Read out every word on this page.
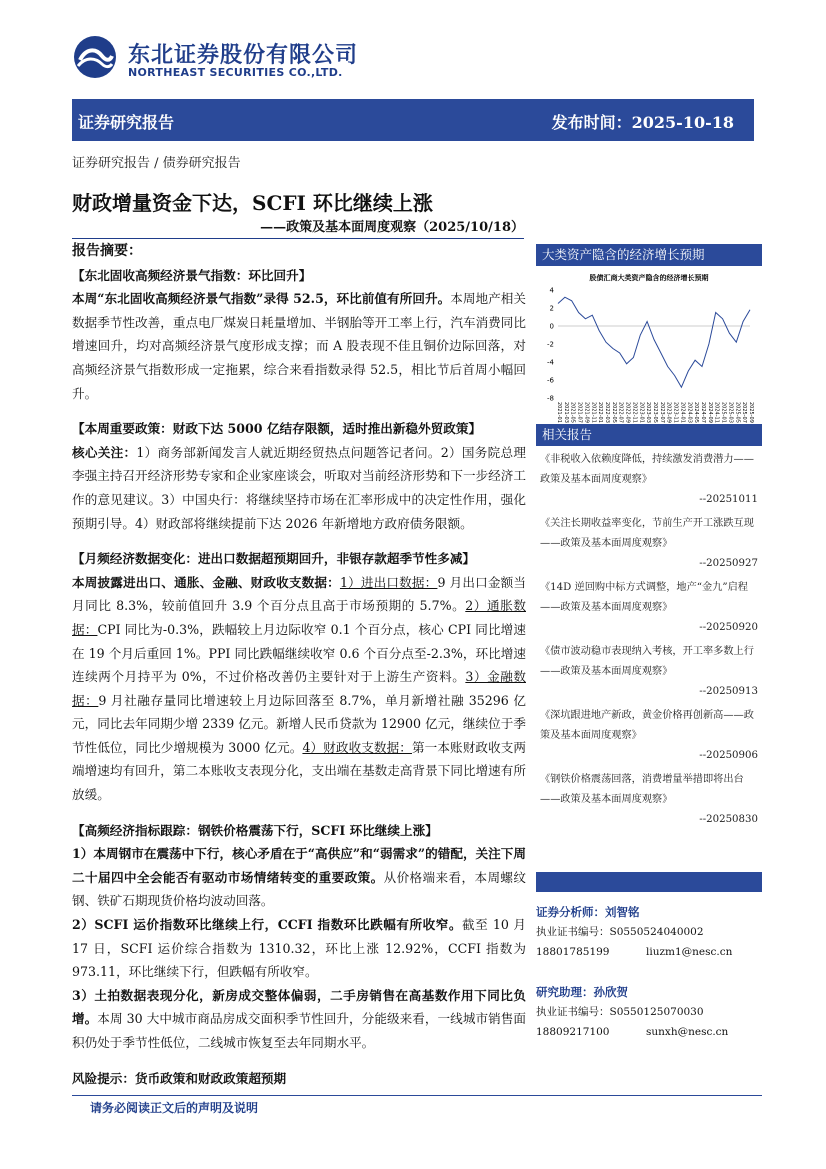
东北证券股份有限公司
NORTHEAST SECURITIES CO.,LTD.
证券研究报告	发布时间：2025-10-18
证券研究报告 / 债券研究报告
财政增量资金下达，SCFI 环比继续上涨
——政策及基本面周度观察（2025/10/18）
报告摘要：
【东北固收高频经济景气指数：环比回升】

本周“东北固收高频经济景气指数”录得 52.5，环比前值有所回升。本周地产相关数据季节性改善，重点电厂煤炭日耗量增加、半钢胎等开工率上行，汽车消费同比增速回升，均对高频经济景气度形成支撑；而 A 股表现不佳且铜价边际回落，对高频经济景气指数形成一定拖累，综合来看指数录得 52.5，相比节后首周小幅回升。

【本周重要政策：财政下达 5000 亿结存限额，适时推出新稳外贸政策】

核心关注：1）商务部新闻发言人就近期经贸热点问题答记者问。2）国务院总理李强主持召开经济形势专家和企业家座谈会，听取对当前经济形势和下一步经济工作的意见建议。3）中国央行：将继续坚持市场在汇率形成中的决定性作用，强化预期引导。4）财政部将继续提前下达 2026 年新增地方政府债务限额。

【月频经济数据变化：进出口数据超预期回升，非银存款超季节性多减】

本周披露进出口、通胀、金融、财政收支数据：1）进出口数据：9 月出口金额当月同比 8.3%，较前值回升 3.9 个百分点且高于市场预期的 5.7%。2）通胀数据：CPI 同比为-0.3%，跌幅较上月边际收窄 0.1 个百分点，核心 CPI 同比增速在 19 个月后重回 1%。PPI 同比跌幅继续收窄 0.6 个百分点至-2.3%，环比增速连续两个月持平为 0%，不过价格改善仍主要针对于上游生产资料。3）金融数据：9 月社融存量同比增速较上月边际回落至 8.7%，单月新增社融 35296 亿元，同比去年同期少增 2339 亿元。新增人民币贷款为 12900 亿元，继续位于季节性低位，同比少增规模为 3000 亿元。4）财政收支数据：第一本账财政收支两端增速均有回升，第二本账收支表现分化，支出端在基数走高背景下同比增速有所放缓。

【高频经济指标跟踪：钢铁价格震荡下行，SCFI 环比继续上涨】

1）本周钢市在震荡中下行，核心矛盾在于“高供应”和“弱需求”的错配，关注下周二十届四中全会能否有驱动市场情绪转变的重要政策。从价格端来看，本周螺纹钢、铁矿石期现货价格均波动回落。

2）SCFI 运价指数环比继续上行，CCFI 指数环比跌幅有所收窄。截至 10 月 17 日，SCFI 运价综合指数为 1310.32，环比上涨 12.92%，CCFI 指数为 973.11，环比继续下行，但跌幅有所收窄。

3）土拍数据表现分化，新房成交整体偏弱，二手房销售在高基数作用下同比负增。本周 30 大中城市商品房成交面积季节性回升，分能级来看，一线城市销售面积仍处于季节性低位，二线城市恢复至去年同期水平。

风险提示：货币政策和财政政策超预期

大类资产隐含的经济增长预期
股债汇商大类资产隐含的经济增长预期
4
2
0
-2
-4
-6
-8
2021-01 2021-03 2021-05 2021-07 2021-09 2021-11 2022-01 2022-03 2022-05 2022-07 2022-09 2022-11 2023-01 2023-03 2023-05 2023-07 2023-09 2023-11 2024-01 2024-03 2024-05 2024-07 2024-09 2024-11 2025-01 2025-03 2025-05 2025-07 2025-09
相关报告
《非税收入依赖度降低，持续激发消费潜力——政策及基本面周度观察》
--20251011
《关注长期收益率变化，节前生产开工涨跌互现——政策及基本面周度观察》
--20250927
《14D 逆回购中标方式调整，地产“金九”启程——政策及基本面周度观察》
--20250920
《债市波动稳市表现纳入考核，开工率多数上行——政策及基本面周度观察》
--20250913
《深坑跟进地产新政，黄金价格再创新高——政策及基本面周度观察》
--20250906
《钢铁价格震荡回落，消费增量举措即将出台——政策及基本面周度观察》
--20250830
证券分析师：刘智铭
执业证书编号：S0550524040002
18801785199	liuzm1@nesc.cn
研究助理：孙欣贺
执业证书编号：S0550125070030
18809217100	sunxh@nesc.cn
请务必阅读正文后的声明及说明
